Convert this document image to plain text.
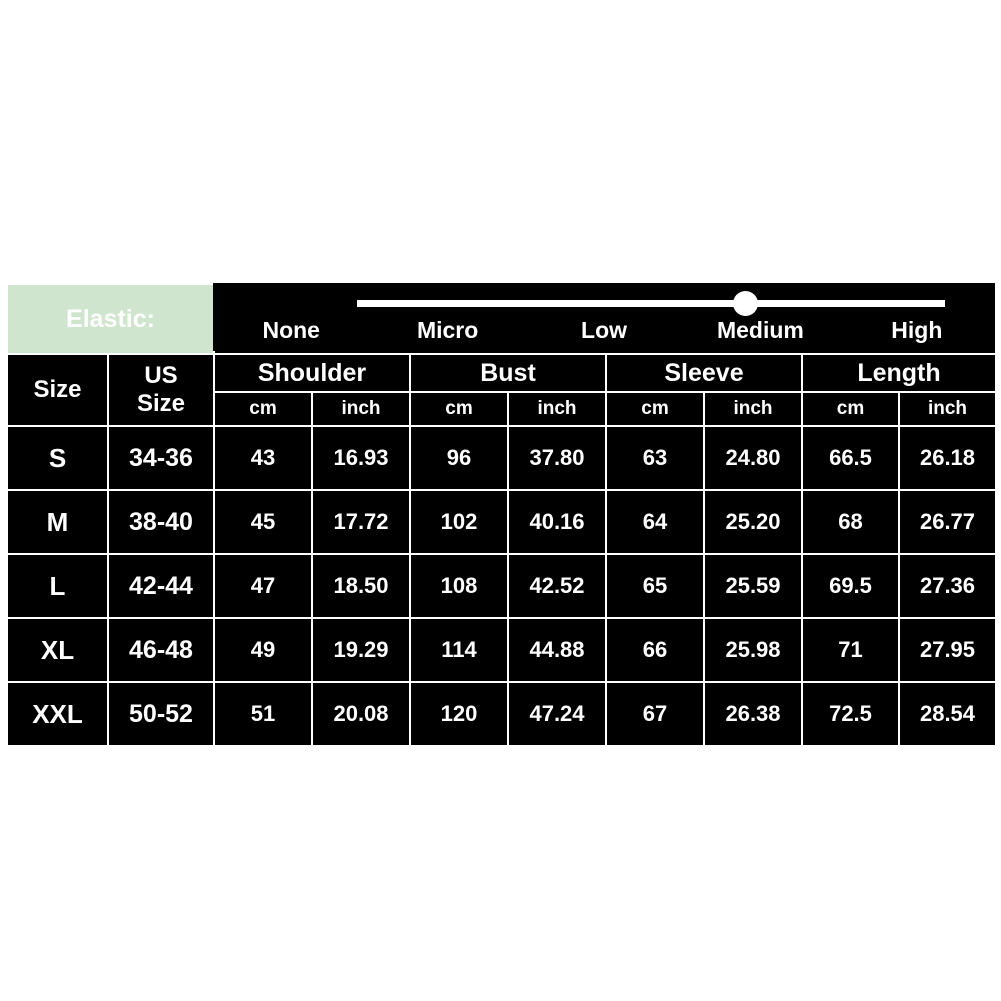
Elastic:									
Size	US
Size	Shoulder		Bust		Sleeve		Length	
		cm	inch	cm	inch	cm	inch	cm	inch
S	34-36	43	16.93	96	37.80	63	24.80	66.5	26.18
M	38-40	45	17.72	102	40.16	64	25.20	68	26.77
L	42-44	47	18.50	108	42.52	65	25.59	69.5	27.36
XL	46-48	49	19.29	114	44.88	66	25.98	71	27.95
XXL	50-52	51	20.08	120	47.24	67	26.38	72.5	28.54
None	Micro	Low	Medium	High
